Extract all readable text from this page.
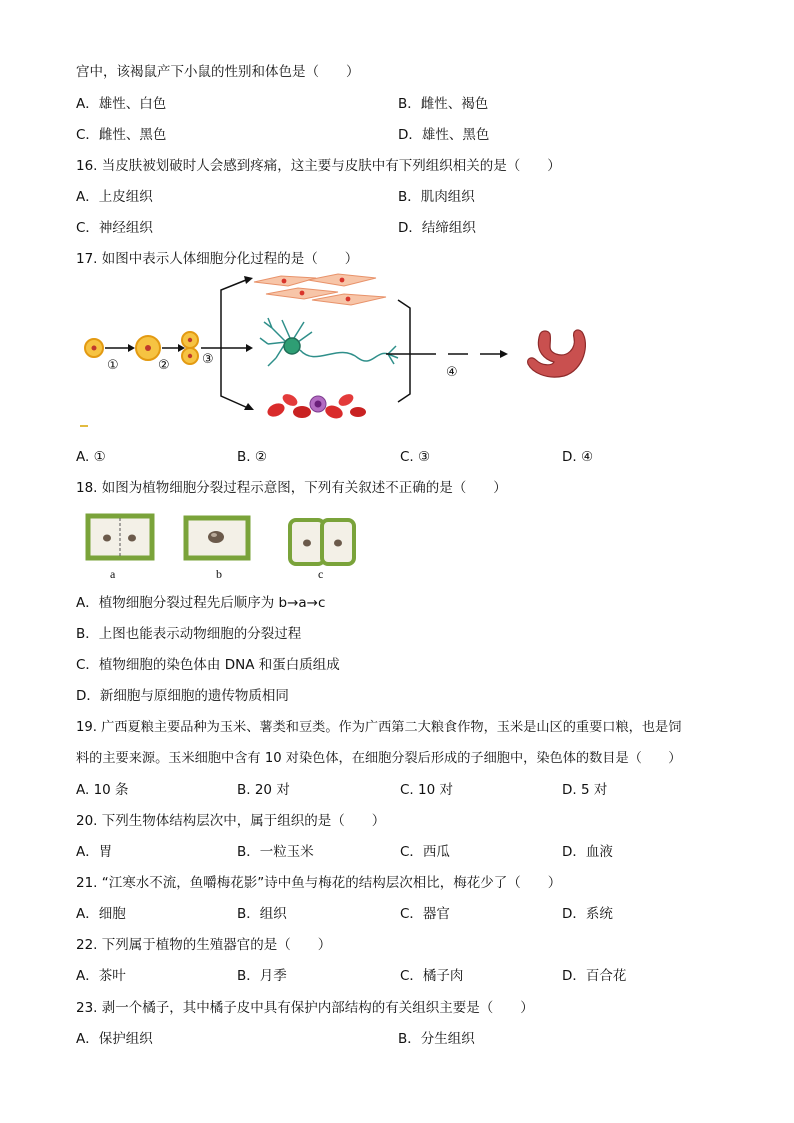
宫中，该褐鼠产下小鼠的性别和体色是（　　）
A．雄性、白色	B．雌性、褐色
C．雌性、黑色	D．雄性、黑色
16. 当皮肤被划破时人会感到疼痛，这主要与皮肤中有下列组织相关的是（　　）
A．上皮组织	B．肌肉组织
C．神经组织	D．结缔组织
17. 如图中表示人体细胞分化过程的是（　　）
①	② ③
④
A. ①	B. ②	C. ③	D. ④
18. 如图为植物细胞分裂过程示意图，下列有关叙述不正确的是（　　）
a	b	c
A．植物细胞分裂过程先后顺序为 b→a→c
B．上图也能表示动物细胞的分裂过程
C．植物细胞的染色体由 DNA 和蛋白质组成
D．新细胞与原细胞的遗传物质相同
19. 广西夏粮主要品种为玉米、薯类和豆类。作为广西第二大粮食作物，玉米是山区的重要口粮，也是饲
料的主要来源。玉米细胞中含有 10 对染色体，在细胞分裂后形成的子细胞中，染色体的数目是（　　）
A. 10 条	B. 20 对	C. 10 对	D. 5 对
20. 下列生物体结构层次中，属于组织的是（　　）
A．胃	B．一粒玉米	C．西瓜	D．血液
21. “江寒水不流，鱼嚼梅花影”诗中鱼与梅花的结构层次相比，梅花少了（　　）
A．细胞	B．组织	C．器官	D．系统
22. 下列属于植物的生殖器官的是（　　）
A．茶叶	B．月季	C．橘子肉	D．百合花
23. 剥一个橘子，其中橘子皮中具有保护内部结构的有关组织主要是（　　）
A．保护组织	B．分生组织
